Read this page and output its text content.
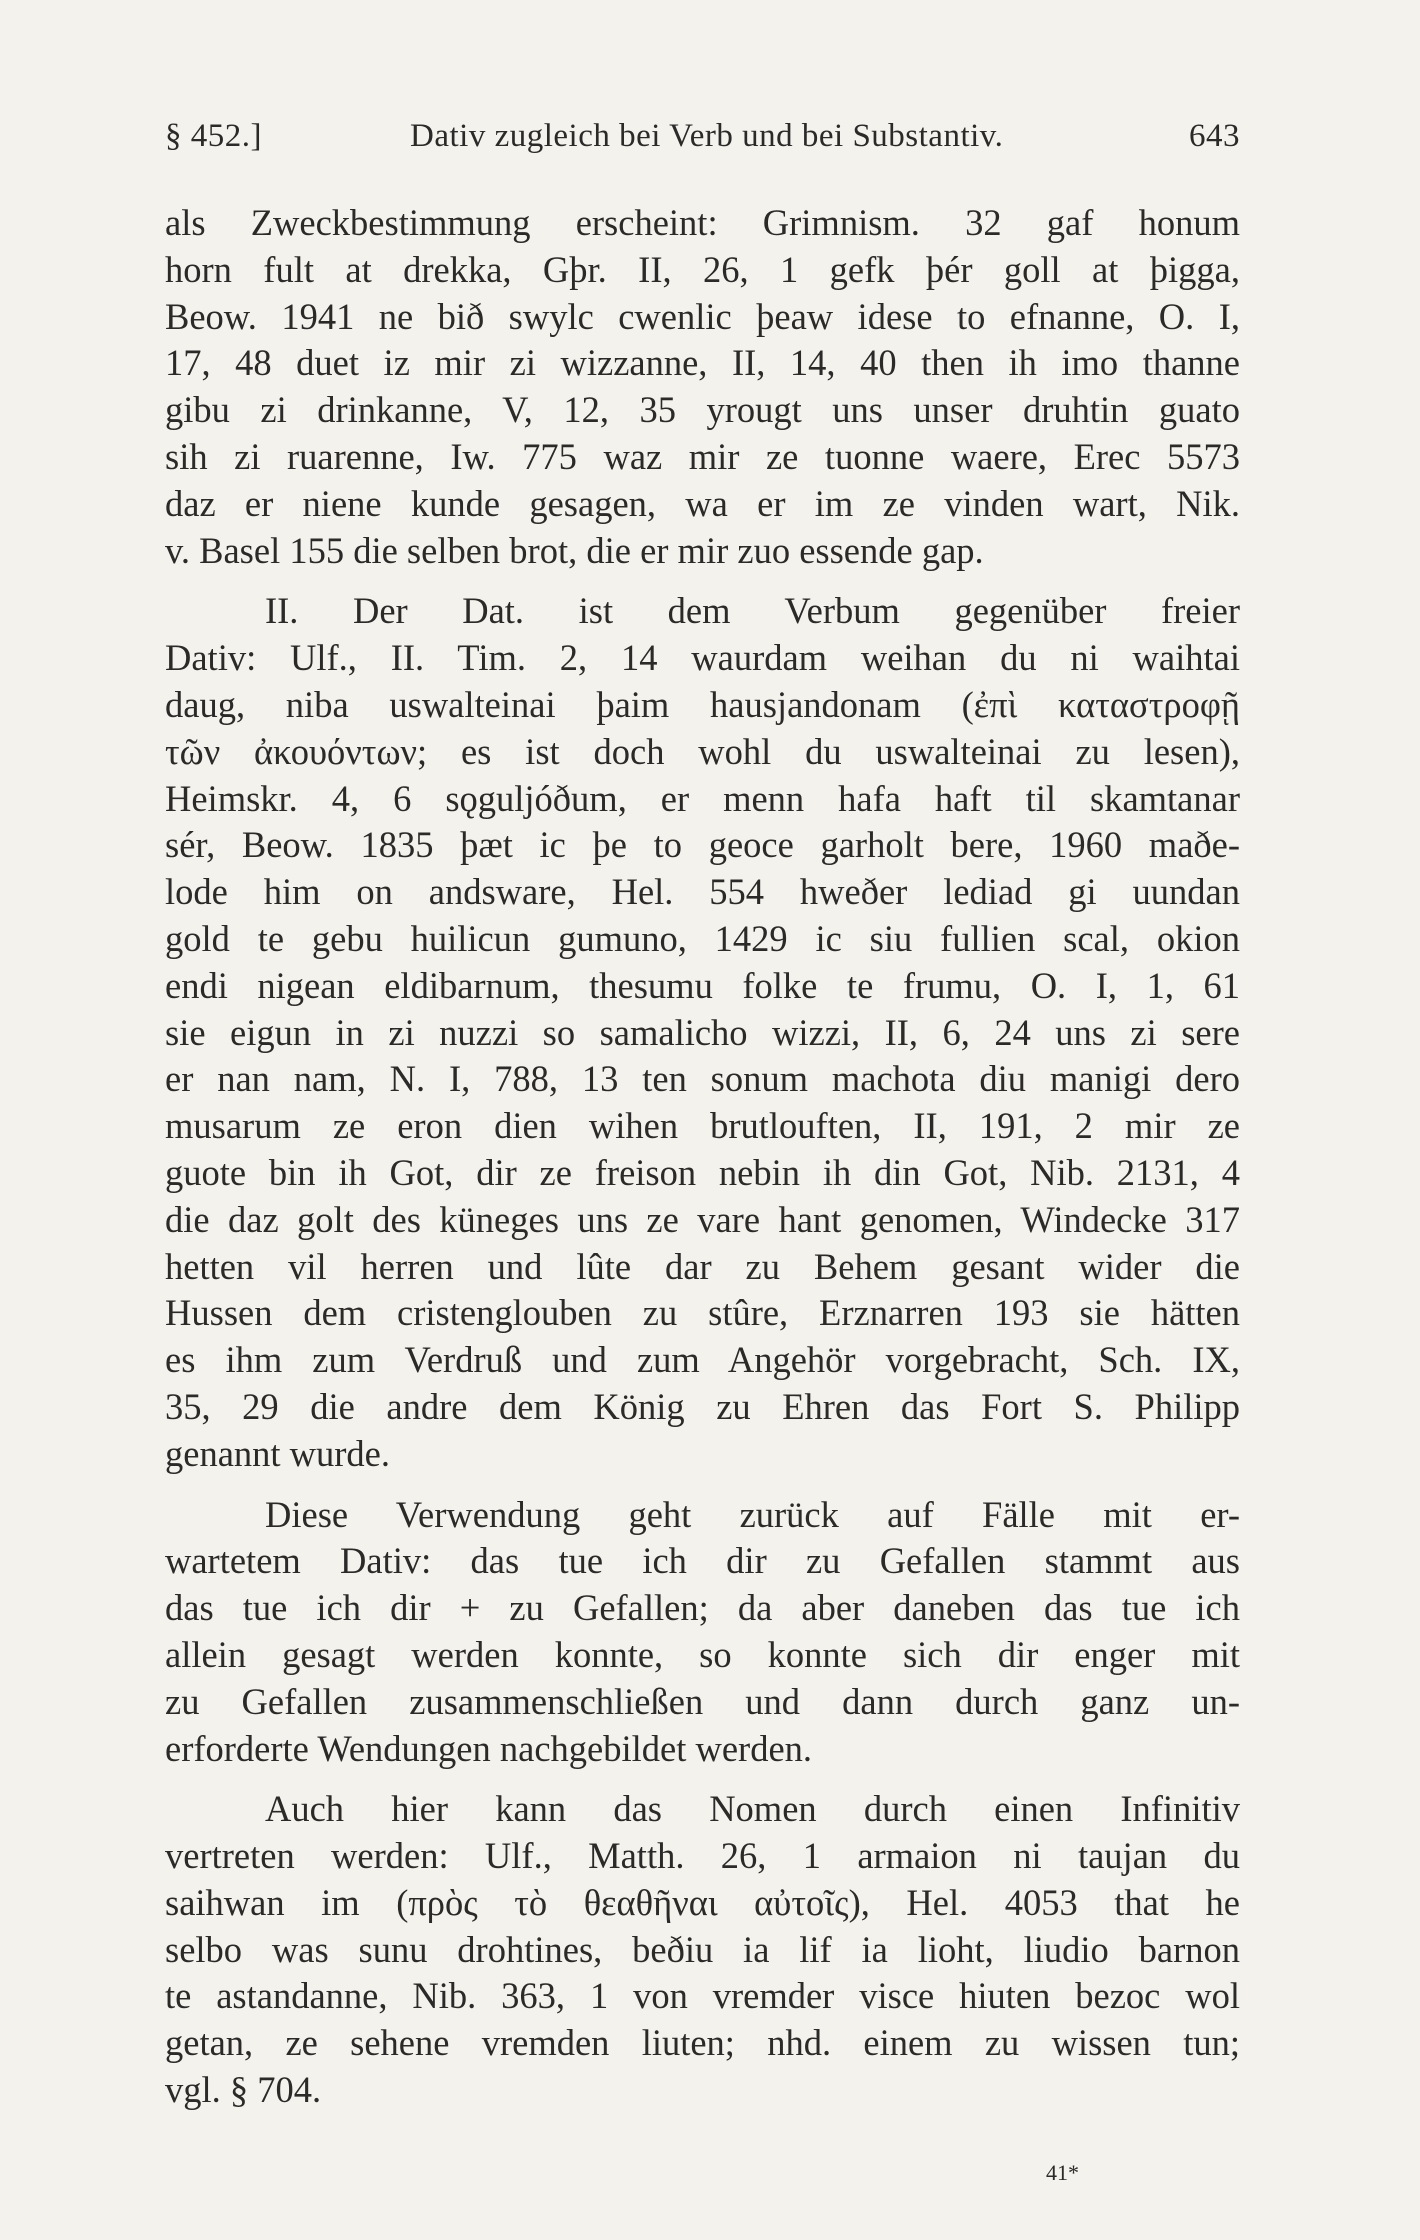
§ 452.]	Dativ zugleich bei Verb und bei Substantiv.	643
als Zweckbestimmung erscheint: Grimnism. 32 gaf honum
horn fult at drekka, Gþr. II, 26, 1 gefk þér goll at þigga,
Beow. 1941 ne bið swylc cwenlic þeaw idese to efnanne, O. I,
17, 48 duet iz mir zi wizzanne, II, 14, 40 then ih imo thanne
gibu zi drinkanne, V, 12, 35 yrougt uns unser druhtin guato
sih zi ruarenne, Iw. 775 waz mir ze tuonne waere, Erec 5573
daz er niene kunde gesagen, wa er im ze vinden wart, Nik.
v. Basel 155 die selben brot, die er mir zuo essende gap.
II. Der Dat. ist dem Verbum gegenüber freier
Dativ: Ulf., II. Tim. 2, 14 waurdam weihan du ni waihtai
daug, niba uswalteinai þaim hausjandonam (ἐπὶ καταστροφῇ
τῶν ἀκουόντων; es ist doch wohl du uswalteinai zu lesen),
Heimskr. 4, 6 sǫguljóðum, er menn hafa haft til skamtanar
sér, Beow. 1835 þæt ic þe to geoce garholt bere, 1960 maðe-
lode him on andsware, Hel. 554 hweðer lediad gi uundan
gold te gebu huilicun gumuno, 1429 ic siu fullien scal, okion
endi nigean eldibarnum, thesumu folke te frumu, O. I, 1, 61
sie eigun in zi nuzzi so samalicho wizzi, II, 6, 24 uns zi sere
er nan nam, N. I, 788, 13 ten sonum machota diu manigi dero
musarum ze eron dien wihen brutlouften, II, 191, 2 mir ze
guote bin ih Got, dir ze freison nebin ih din Got, Nib. 2131, 4
die daz golt des küneges uns ze vare hant genomen, Windecke 317
hetten vil herren und lûte dar zu Behem gesant wider die
Hussen dem cristenglouben zu stûre, Erznarren 193 sie hätten
es ihm zum Verdruß und zum Angehör vorgebracht, Sch. IX,
35, 29 die andre dem König zu Ehren das Fort S. Philipp
genannt wurde.
Diese Verwendung geht zurück auf Fälle mit er-
wartetem Dativ: das tue ich dir zu Gefallen stammt aus
das tue ich dir + zu Gefallen; da aber daneben das tue ich
allein gesagt werden konnte, so konnte sich dir enger mit
zu Gefallen zusammenschließen und dann durch ganz un-
erforderte Wendungen nachgebildet werden.
Auch hier kann das Nomen durch einen Infinitiv
vertreten werden: Ulf., Matth. 26, 1 armaion ni taujan du
saihwan im (πρὸς τὸ θεαθῆναι αὐτοῖς), Hel. 4053 that he
selbo was sunu drohtines, beðiu ia lif ia lioht, liudio barnon
te astandanne, Nib. 363, 1 von vremder visce hiuten bezoc wol
getan, ze sehene vremden liuten; nhd. einem zu wissen tun;
vgl. § 704.
41*
